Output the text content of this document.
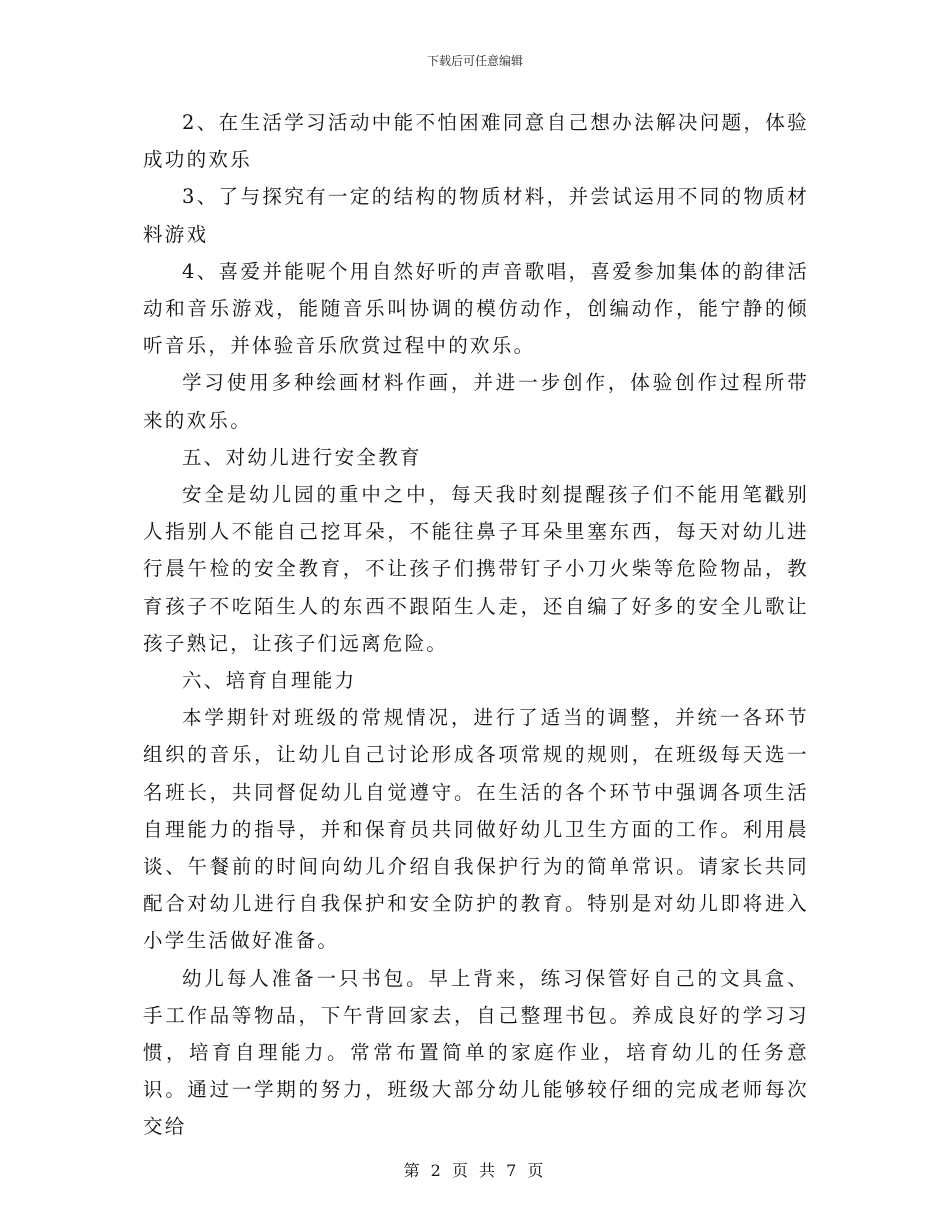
下载后可任意编辑

2、在生活学习活动中能不怕困难同意自己想办法解决问题，体验成功的欢乐

3、了与探究有一定的结构的物质材料，并尝试运用不同的物质材料游戏

4、喜爱并能呢个用自然好听的声音歌唱，喜爱参加集体的韵律活动和音乐游戏，能随音乐叫协调的模仿动作，创编动作，能宁静的倾听音乐，并体验音乐欣赏过程中的欢乐。

学习使用多种绘画材料作画，并进一步创作，体验创作过程所带来的欢乐。

五、对幼儿进行安全教育

安全是幼儿园的重中之中，每天我时刻提醒孩子们不能用笔戳别人指别人不能自己挖耳朵，不能往鼻子耳朵里塞东西，每天对幼儿进行晨午检的安全教育，不让孩子们携带钉子小刀火柴等危险物品，教育孩子不吃陌生人的东西不跟陌生人走，还自编了好多的安全儿歌让孩子熟记，让孩子们远离危险。

六、培育自理能力

本学期针对班级的常规情况，进行了适当的调整，并统一各环节组织的音乐，让幼儿自己讨论形成各项常规的规则，在班级每天选一名班长，共同督促幼儿自觉遵守。在生活的各个环节中强调各项生活自理能力的指导，并和保育员共同做好幼儿卫生方面的工作。利用晨谈、午餐前的时间向幼儿介绍自我保护行为的简单常识。请家长共同配合对幼儿进行自我保护和安全防护的教育。特别是对幼儿即将进入小学生活做好准备。

幼儿每人准备一只书包。早上背来，练习保管好自己的文具盒、手工作品等物品，下午背回家去，自己整理书包。养成良好的学习习惯，培育自理能力。常常布置简单的家庭作业，培育幼儿的任务意识。通过一学期的努力，班级大部分幼儿能够较仔细的完成老师每次交给

第 2 页 共 7 页
